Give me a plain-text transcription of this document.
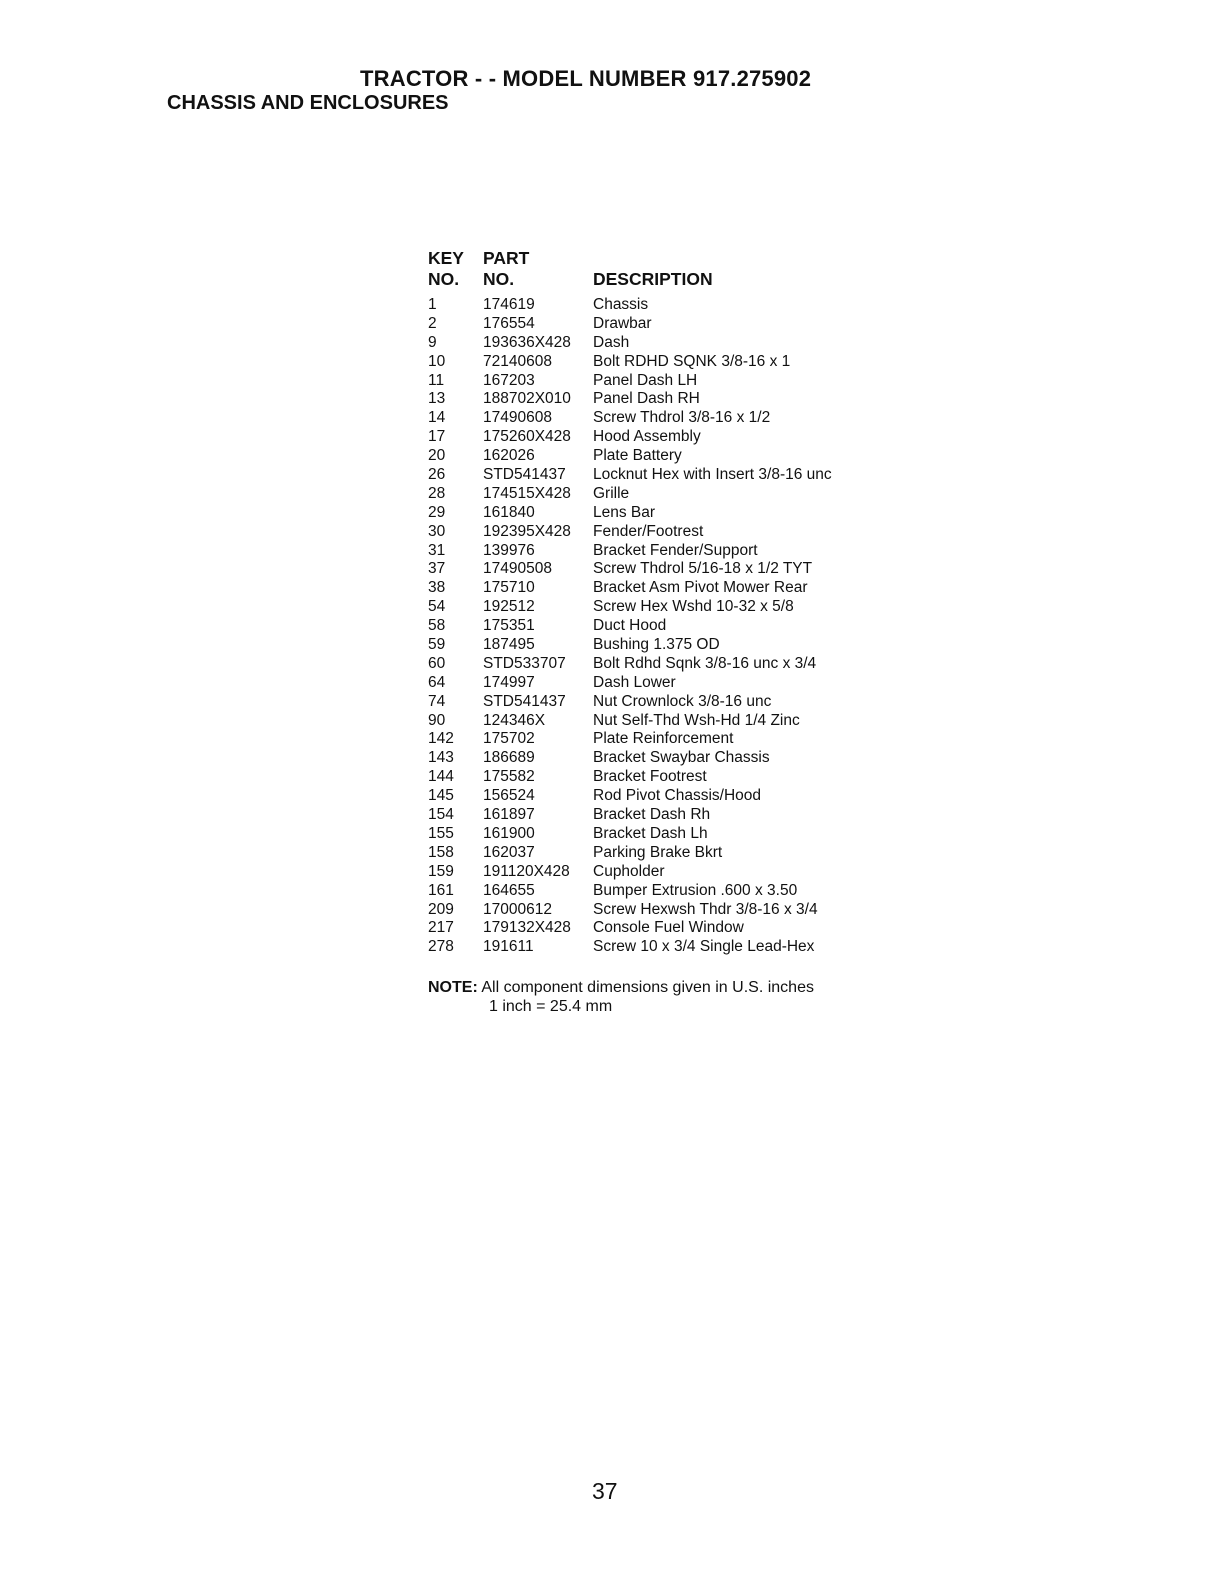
TRACTOR - - MODEL NUMBER 917.275902
CHASSIS AND ENCLOSURES
KEY PART
NO. NO.	DESCRIPTION
1	174619	Chassis
2	176554	Drawbar
9	193636X428 Dash
10 72140608	Bolt RDHD SQNK 3/8-16 x 1
11	167203	Panel Dash LH
13 188702X010 Panel Dash RH
14 17490608	Screw Thdrol 3/8-16 x 1/2
17 175260X428 Hood Assembly
20 162026	Plate Battery
26 STD541437 Locknut Hex with Insert 3/8-16 unc
28 174515X428 Grille
29 161840	Lens Bar
30 192395X428 Fender/Footrest
31 139976	Bracket Fender/Support
37 17490508	Screw Thdrol 5/16-18 x 1/2 TYT
38 175710	Bracket Asm Pivot Mower Rear
54 192512	Screw Hex Wshd 10-32 x 5/8
58 175351	Duct Hood
59 187495	Bushing 1.375 OD
60 STD533707 Bolt Rdhd Sqnk 3/8-16 unc x 3/4
64 174997	Dash Lower
74 STD541437 Nut Crownlock 3/8-16 unc
90 124346X	Nut Self-Thd Wsh-Hd 1/4 Zinc
142 175702	Plate Reinforcement
143 186689	Bracket Swaybar Chassis
144 175582	Bracket Footrest
145 156524	Rod Pivot Chassis/Hood
154 161897	Bracket Dash Rh
155 161900	Bracket Dash Lh
158 162037	Parking Brake Bkrt
159 191120X428 Cupholder
161 164655	Bumper Extrusion .600 x 3.50
209 17000612	Screw Hexwsh Thdr 3/8-16 x 3/4
217 179132X428 Console Fuel Window
278 191611	Screw 10 x 3/4 Single Lead-Hex
NOTE: All component dimensions given in U.S. inches
1 inch = 25.4 mm
37
